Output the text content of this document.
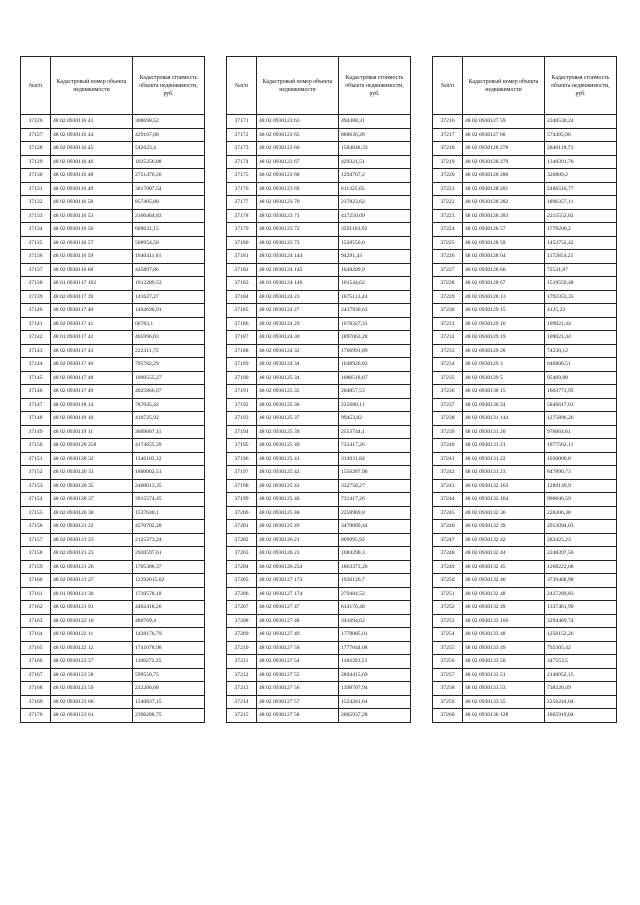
№п/п	Кадастровый номер объекта недвижимости	Кадастровая стоимость объекта недвижимости, руб.
37126	48 02 0930116 43	308698,52
37127	48 02 0930116 44	429167,08
37128	48 02 0930116 45	542623,4
37129	48 02 0930116 46	1025256,88
37130	48 02 0930116 48	2751470,26
37131	48 02 0930116 49	3817007,54
37132	48 02 0930116 50	857405,88
37133	48 02 0930116 53	2160464,83
37134	48 02 0930116 56	609631,15
37135	48 02 0930116 57	508954,58
37136	48 02 0930116 59	1640411,01
37137	48 02 0930116 60	445897,86
37138	48 01 0930117 162	1013289,53
37139	48 02 0930117 39	141627,27
37140	48 02 0930117 40	1464696,91
37141	48 02 0930117 41	66783,1
37142	48 01 0930117 42	405996,03
37143	48 02 0930117 43	222311,75
37144	48 02 0930117 46	795782,29
37145	48 02 0930117 48	1090555,27
37146	48 02 0930117 49	4025866,67
37147	48 02 0930118 14	787045,42
37148	48 02 0930119 10	410725,92
37149	48 02 0930119 11	3609687,11
37150	48 02 0930120 258	4174655,39
37151	48 02 0930120 32	1346103,12
37152	48 02 0930120 33	1800002,51
37153	48 02 0930120 35	2400013,35
37154	48 02 0930120 37	3915574,45
37155	48 02 0930120 38	1537640,1
37156	48 02 0930121 22	4570702,28
37157	48 02 0930121 23	2125373,24
37158	48 02 0930121 25	2920597,61
37159	48 02 0930121 26	1705386,37
37160	48 02 0930121 27	12292015,02
37161	48 01 0930121 30	1710578,18
37162	48 02 0930121 91	4462418,26
37163	48 02 0930122 10	480769,4
37164	48 02 0930122 11	1428176,79
37165	48 02 0930122 12	1741678,98
37166	48 02 0930123 57	1108272,25
37167	48 02 0930123 58	599550,75
37168	48 02 0930123 59	212206,68
37169	48 02 0930123 60	1540837,15
37170	48 02 0930123 61	2396288,75
№п/п	Кадастровый номер объекта недвижимости	Кадастровая стоимость объекта недвижимости, руб.
37171	48 02 0930123 63	494388,31
37172	48 02 0930123 65	888636,28
37173	48 02 0930123 66	1584048,33
37174	48 02 0930123 67	429321,51
37175	48 02 0930123 68	1294767,2
37176	48 02 0930123 69	611325,65
37177	48 02 0930123 70	237823,62
37178	48 02 0930123 71	417250,09
37179	48 02 0930123 72	3591103,92
37180	48 02 0930123 73	1528550,6
37181	48 02 0930124 144	94291,43
37182	48 02 0930124 145	1048209,9
37183	48 01 0930124 146	101544,62
37184	48 02 0930124 23	1675113,44
37185	48 02 0930124 27	2437930,63
37186	48 02 0930124 29	1678327,31
37187	48 02 0930124 30	1897663,28
37188	48 02 0930124 32	1766991,89
37189	48 02 0930124 34	1648926,82
37190	48 02 0930125 34	1086518,87
37191	48 02 0930125 35	204857,53
37192	48 02 0930125 36	225680,11
37193	48 02 0930125 37	99453,82
37194	48 02 0930125 39	2553744,1
37195	48 02 0930125 40	731417,26
37196	48 02 0930125 41	314931,84
37197	48 02 0930125 42	1556287,96
37198	48 02 0930125 43	332758,27
37199	48 02 0930125 46	731417,26
37200	48 02 0930125 48	2258969,8
37201	48 02 0930125 49	3479089,44
37202	48 02 0930126 21	869995,92
37203	48 02 0930126 23	1084290,3
37204	48 02 0930126 254	1863373,26
37205	48 02 0930127 173	1936126,7
37206	48 02 0930127 174	279484,52
37207	48 02 0930127 47	614176,48
37208	48 02 0930127 48	341694,62
37209	48 02 0930127 49	1779085,01
37210	48 02 0930127 50	1777044,08
37211	48 02 0930127 54	1184393,51
37212	48 02 0930127 55	2894415,69
37213	48 02 0930127 56	1398707,94
37214	48 02 0930127 57	1524281,64
37215	48 02 0930127 58	2005937,28
№п/п	Кадастровый номер объекта недвижимости	Кадастровая стоимость объекта недвижимости, руб.
37216	48 02 0930127 59	2340530,24
37217	48 02 0930127 60	574495,96
37218	48 02 0930128 278	2846118,71
37219	48 02 0930128 279	1348391,76
37220	48 02 0930128 280	326809,2
37221	48 02 0930128 281	2486516,77
37222	48 02 0930128 282	1896357,11
37223	48 02 0930128 283	2215552,02
37224	48 02 0930128 57	1779200,2
37225	48 02 0930128 59	1453752,42
37226	48 02 0930128 64	1172854,25
37227	48 02 0930128 66	72531,87
37228	48 02 0930128 67	1519559,48
37229	48 02 0930128 13	1792353,35
37230	48 02 0930129 15	4125,23
37231	48 02 0930129 16	109021,44
37232	48 02 0930129 19	109021,44
37233	48 02 0930129 20	74230,12
37234	48 02 0930129 3	646806,51
37235	48 02 0930129 5	95469,88
37236	48 02 0930130 15	1603773,95
37237	48 02 0930130 24	5846617,01
37238	48 02 0930131 144	1275896,26
37239	48 02 0930131 20	976664,61
37240	48 02 0930131 21	1877562,11
37241	48 02 0930131 22	1030000,8
37242	48 02 0930131 23	847890,73
37243	48 02 0930132 163	1289149,9
37244	48 02 0930132 164	996646,59
37245	48 02 0930132 36	228206,38
37246	48 02 0930132 39	2913094,03
37247	48 02 0930132 42	283425,23
37248	48 02 0930132 44	2248397,56
37249	48 02 0930132 45	1268222,08
37250	48 02 0930132 46	3739468,98
37251	48 02 0930132 48	2427289,83
37252	48 02 0930132 49	1337461,99
37253	48 02 0930133 166	3294469,74
37254	48 02 0930133 48	1256152,26
37255	48 02 0930133 49	792305,42
37256	48 02 0930133 50	347553,5
37257	48 02 0930133 51	2140052,15
37258	48 02 0930133 53	738220,49
37259	48 02 0930133 55	2256244,04
37260	48 02 0930136 128	1865919,04
